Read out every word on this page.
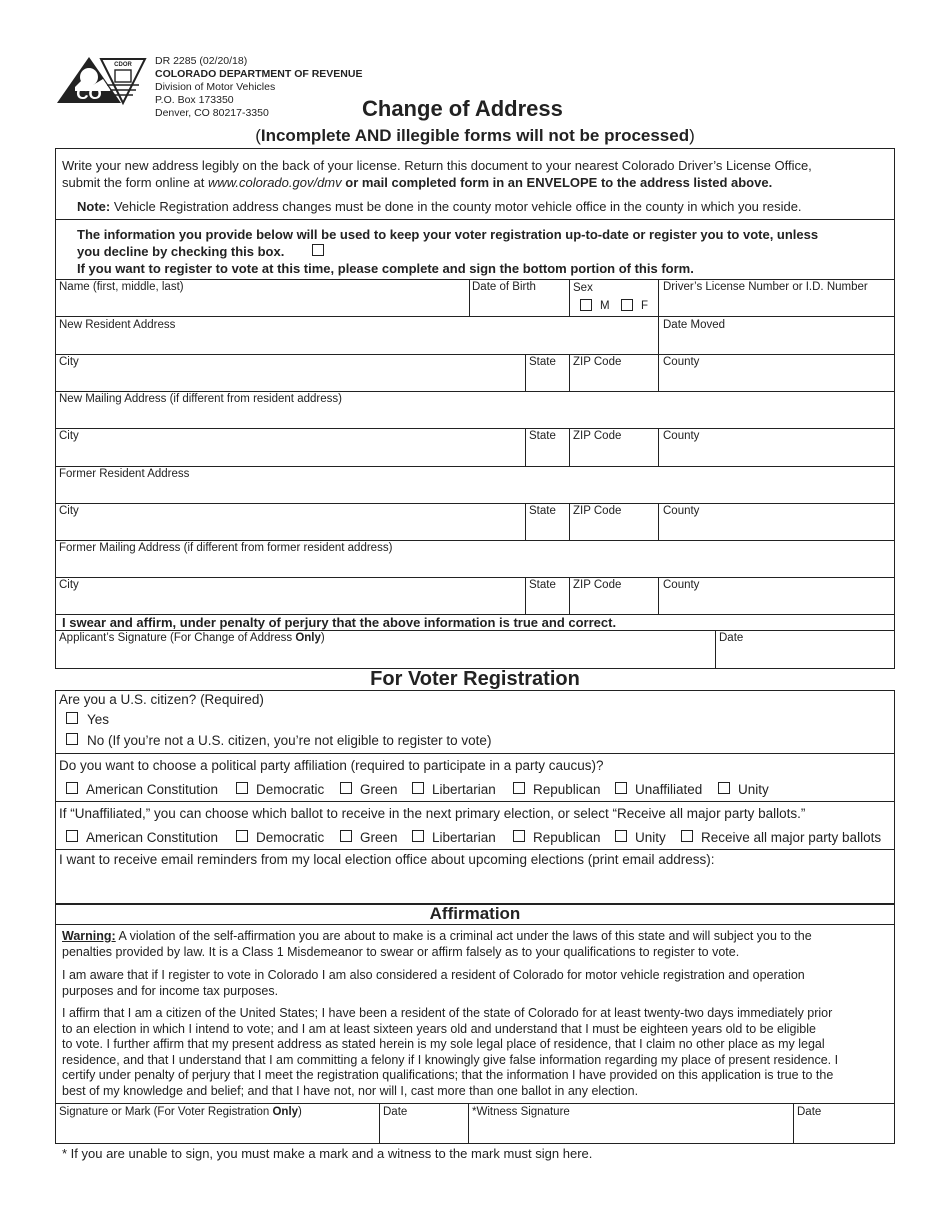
CO
CDOR DR 2285 (02/20/18)
COLORADO DEPARTMENT OF REVENUE
Division of Motor Vehicles
P.O. Box 173350
Denver, CO 80217-3350	Change of Address
(Incomplete AND illegible forms will not be processed)
Write your new address legibly on the back of your license. Return this document to your nearest Colorado Driver’s License Office,
submit the form online at www.colorado.gov/dmv or mail completed form in an ENVELOPE to the address listed above.
Note: Vehicle Registration address changes must be done in the county motor vehicle office in the county in which you reside.
The information you provide below will be used to keep your voter registration up-to-date or register you to vote, unless
you decline by checking this box.
If you want to register to vote at this time, please complete and sign the bottom portion of this form.
Name (first, middle, last)	Date of Birth	Sex
M	F
Driver’s License Number or I.D. Number
New Resident Address	Date Moved
City	State ZIP Code	County
New Mailing Address (if different from resident address)
City	State ZIP Code	County
Former Resident Address
City	State ZIP Code	County
Former Mailing Address (if different from former resident address)
City	State ZIP Code	County
I swear and affirm, under penalty of perjury that the above information is true and correct.
Applicant’s Signature (For Change of Address Only)	Date
For Voter Registration
Are you a U.S. citizen? (Required)
Yes
No (If you’re not a U.S. citizen, you’re not eligible to register to vote)
Do you want to choose a political party affiliation (required to participate in a party caucus)?
American Constitution	Democratic	Green	Libertarian	Republican	Unaffiliated	Unity
If “Unaffiliated,” you can choose which ballot to receive in the next primary election, or select “Receive all major party ballots.”
American Constitution	Democratic	Green	Libertarian	Republican	Unity	Receive all major party ballots
I want to receive email reminders from my local election office about upcoming elections (print email address):
Affirmation
Warning: A violation of the self-affirmation you are about to make is a criminal act under the laws of this state and will subject you to the
penalties provided by law. It is a Class 1 Misdemeanor to swear or affirm falsely as to your qualifications to register to vote.
I am aware that if I register to vote in Colorado I am also considered a resident of Colorado for motor vehicle registration and operation
purposes and for income tax purposes.
I affirm that I am a citizen of the United States; I have been a resident of the state of Colorado for at least twenty-two days immediately prior
to an election in which I intend to vote; and I am at least sixteen years old and understand that I must be eighteen years old to be eligible
to vote. I further affirm that my present address as stated herein is my sole legal place of residence, that I claim no other place as my legal
residence, and that I understand that I am committing a felony if I knowingly give false information regarding my place of present residence. I
certify under penalty of perjury that I meet the registration qualifications; that the information I have provided on this application is true to the
best of my knowledge and belief; and that I have not, nor will I, cast more than one ballot in any election.
Signature or Mark (For Voter Registration Only)	Date	*Witness Signature	Date
* If you are unable to sign, you must make a mark and a witness to the mark must sign here.
